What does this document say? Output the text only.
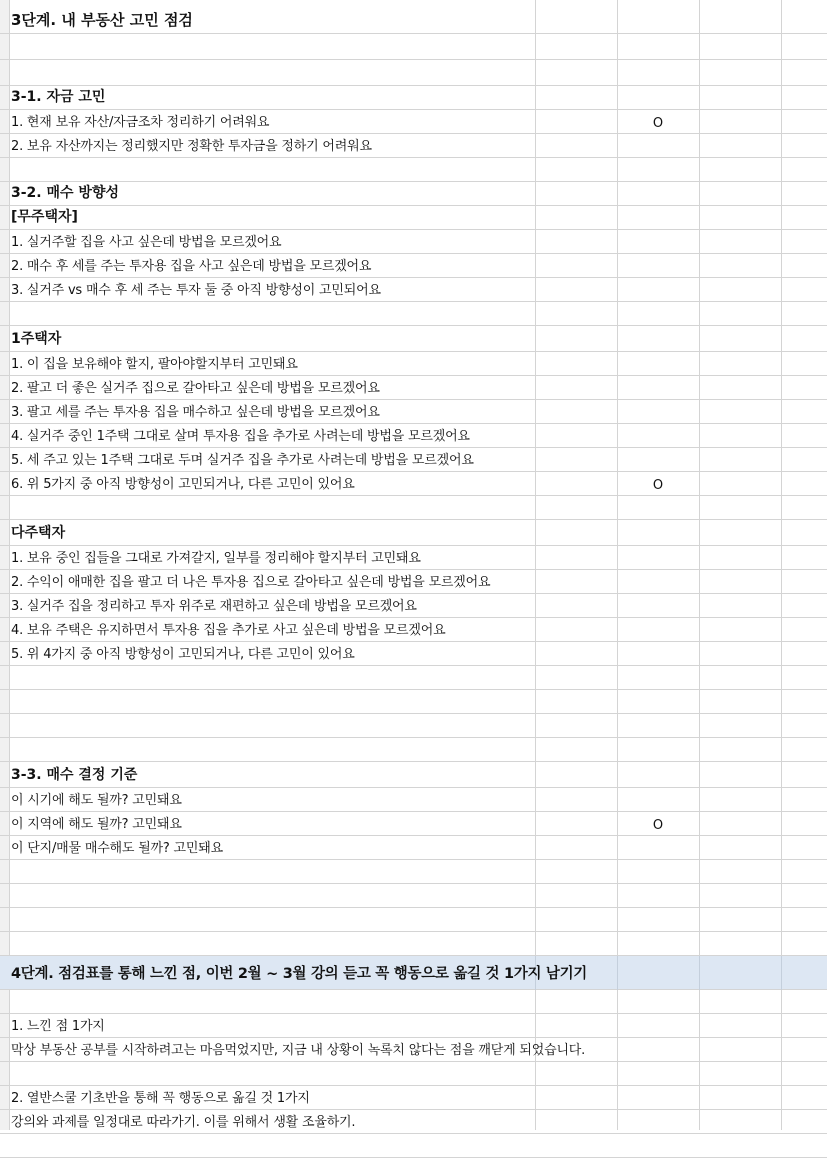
3단계. 내 부동산 고민 점검
3-1. 자금 고민
1. 현재 보유 자산/자금조차 정리하기 어려워요	O
2. 보유 자산까지는 정리했지만 정확한 투자금을 정하기 어려워요
3-2. 매수 방향성
[무주택자]
1. 실거주할 집을 사고 싶은데 방법을 모르겠어요
2. 매수 후 세를 주는 투자용 집을 사고 싶은데 방법을 모르겠어요
3. 실거주 vs 매수 후 세 주는 투자 둘 중 아직 방향성이 고민되어요
1주택자
1. 이 집을 보유해야 할지, 팔아야할지부터 고민돼요
2. 팔고 더 좋은 실거주 집으로 갈아타고 싶은데 방법을 모르겠어요
3. 팔고 세를 주는 투자용 집을 매수하고 싶은데 방법을 모르겠어요
4. 실거주 중인 1주택 그대로 살며 투자용 집을 추가로 사려는데 방법을 모르겠어요
5. 세 주고 있는 1주택 그대로 두며 실거주 집을 추가로 사려는데 방법을 모르겠어요
6. 위 5가지 중 아직 방향성이 고민되거나, 다른 고민이 있어요	O
다주택자
1. 보유 중인 집들을 그대로 가져갈지, 일부를 정리해야 할지부터 고민돼요
2. 수익이 애매한 집을 팔고 더 나은 투자용 집으로 갈아타고 싶은데 방법을 모르겠어요
3. 실거주 집을 정리하고 투자 위주로 재편하고 싶은데 방법을 모르겠어요
4. 보유 주택은 유지하면서 투자용 집을 추가로 사고 싶은데 방법을 모르겠어요
5. 위 4가지 중 아직 방향성이 고민되거나, 다른 고민이 있어요
3-3. 매수 결정 기준
이 시기에 해도 될까? 고민돼요
이 지역에 해도 될까? 고민돼요	O
이 단지/매물 매수해도 될까? 고민돼요
4단계. 점검표를 통해 느낀 점, 이번 2월 ~ 3월 강의 듣고 꼭 행동으로 옮길 것 1가지 남기기
1. 느낀 점 1가지
막상 부동산 공부를 시작하려고는 마음먹었지만, 지금 내 상황이 녹록치 않다는 점을 깨닫게 되었습니다.
2. 열반스쿨 기초반을 통해 꼭 행동으로 옮길 것 1가지
강의와 과제를 일정대로 따라가기. 이를 위해서 생활 조율하기.
